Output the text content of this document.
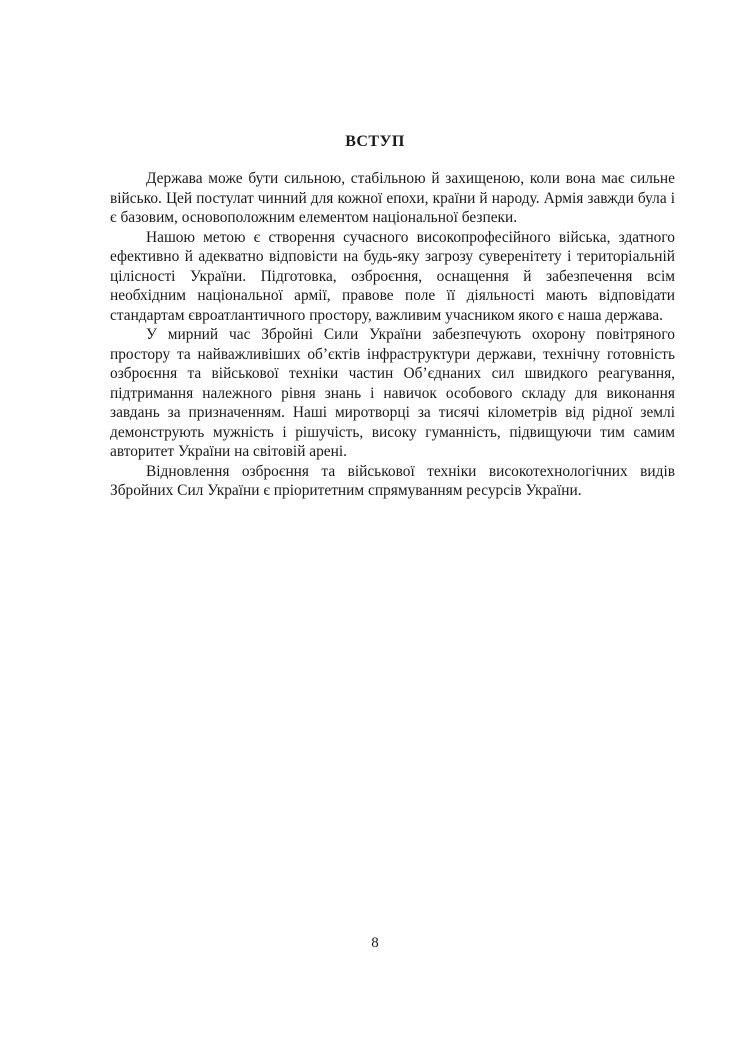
ВСТУП

Держава може бути сильною, стабільною й захищеною, коли вона має сильне військо. Цей постулат чинний для кожної епохи, країни й народу. Армія завжди була і є базовим, основоположним елементом національної безпеки.

Нашою метою є створення сучасного високопрофесійного війська, здатного ефективно й адекватно відповісти на будь-яку загрозу суверенітету і територіальній цілісності України. Підготовка, озброєння, оснащення й забезпечення всім необхідним національної армії, правове поле її діяльності мають відповідати стандартам євроатлантичного простору, важливим учасником якого є наша держава.

У мирний час Збройні Сили України забезпечують охорону повітряного простору та найважливіших об’єктів інфраструктури держави, технічну готовність озброєння та військової техніки частин Об’єднаних сил швидкого реагування, підтримання належного рівня знань і навичок особового складу для виконання завдань за призначенням. Наші миротворці за тисячі кілометрів від рідної землі демонструють мужність і рішучість, високу гуманність, підвищуючи тим самим авторитет України на світовій арені.

Відновлення озброєння та військової техніки високотехнологічних видів Збройних Сил України є пріоритетним спрямуванням ресурсів України.

8
